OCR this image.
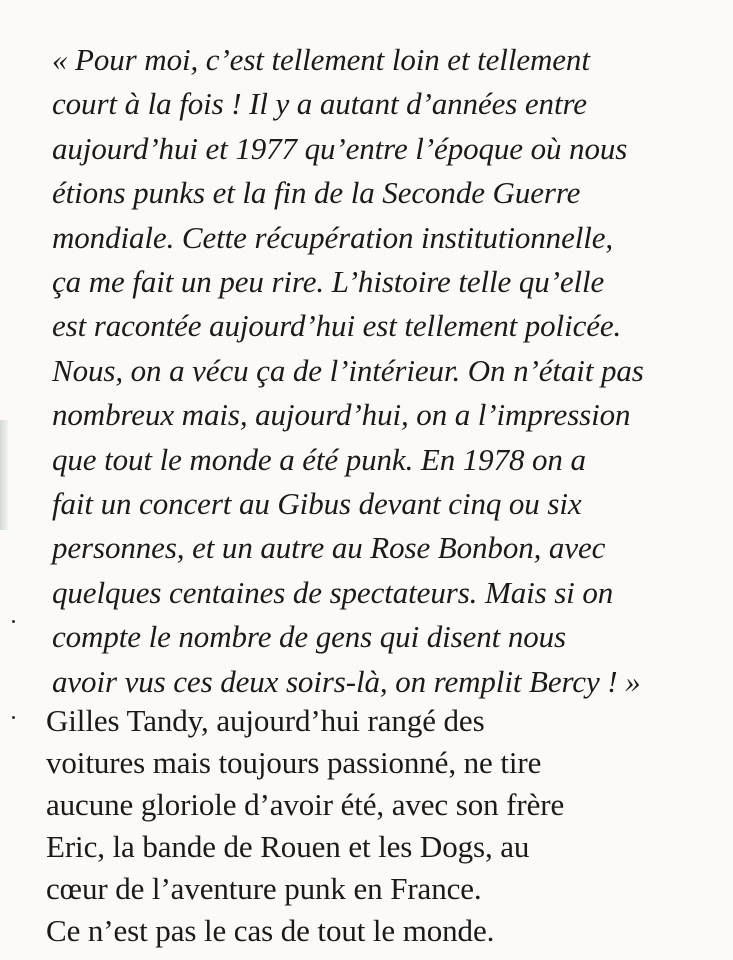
« Pour moi, c’est tellement loin et tellement
court à la fois ! Il y a autant d’années entre
aujourd’hui et 1977 qu’entre l’époque où nous
étions punks et la fin de la Seconde Guerre
mondiale. Cette récupération institutionnelle,
ça me fait un peu rire. L’histoire telle qu’elle
est racontée aujourd’hui est tellement policée.
Nous, on a vécu ça de l’intérieur. On n’était pas
nombreux mais, aujourd’hui, on a l’impression
que tout le monde a été punk. En 1978 on a
fait un concert au Gibus devant cinq ou six
personnes, et un autre au Rose Bonbon, avec
quelques centaines de spectateurs. Mais si on
compte le nombre de gens qui disent nous
avoir vus ces deux soirs-là, on remplit Bercy ! »
Gilles Tandy, aujourd’hui rangé des
voitures mais toujours passionné, ne tire
aucune gloriole d’avoir été, avec son frère
Eric, la bande de Rouen et les Dogs, au
cœur de l’aventure punk en France.
Ce n’est pas le cas de tout le monde.
